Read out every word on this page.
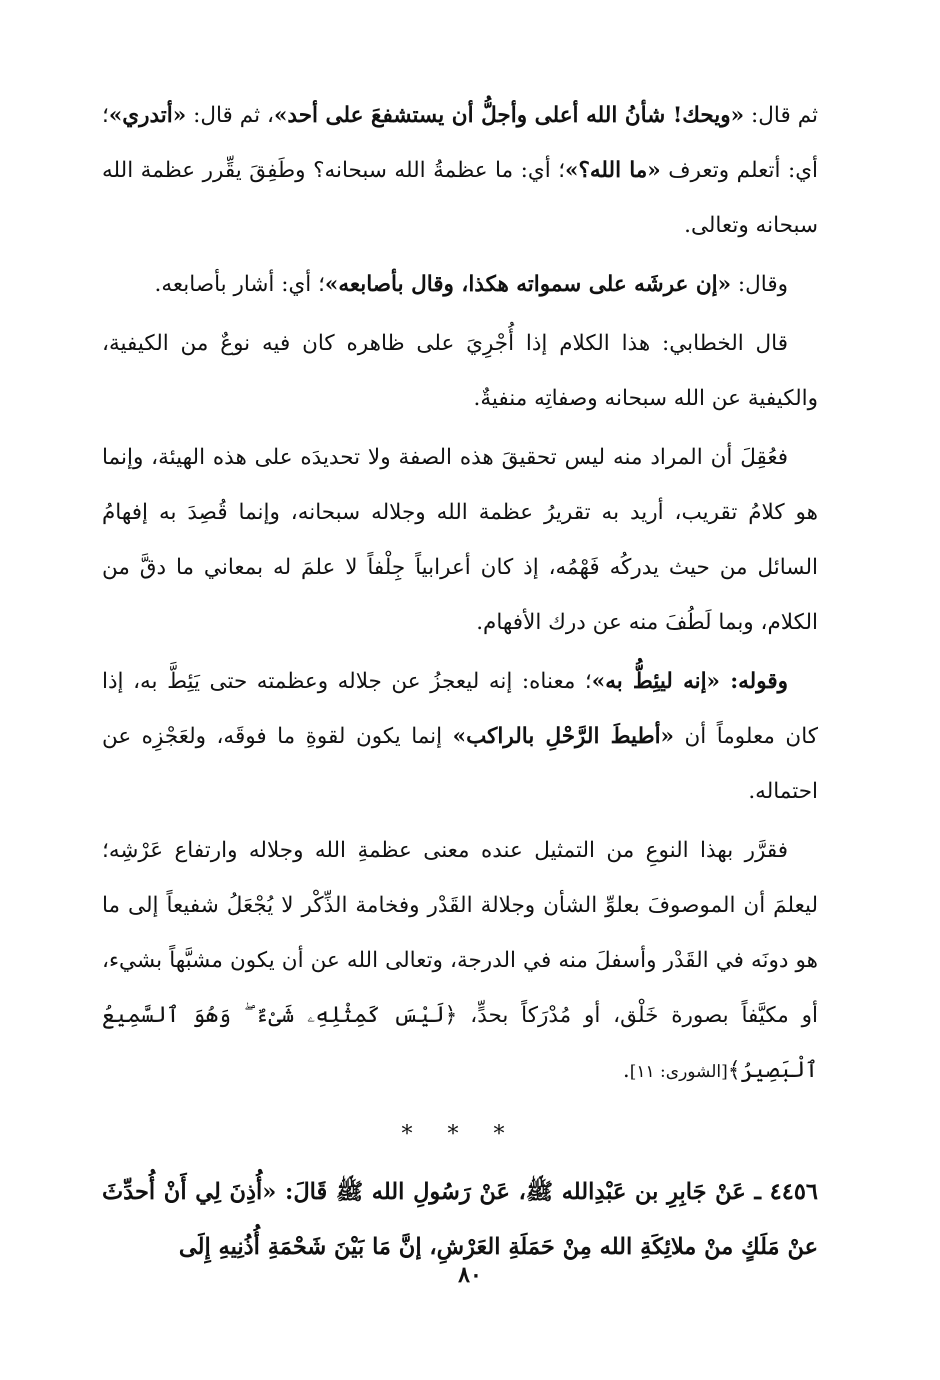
ثم قال: «ويحك! شأنُ الله أعلى وأجلُّ أن يستشفعَ على أحد»، ثم قال: «أتدري»؛ أي: أتعلم وتعرف «ما الله؟»؛ أي: ما عظمةُ الله سبحانه؟ وطَفِقَ يقِّرر عظمة الله سبحانه وتعالى.

وقال: «إن عرشَه على سمواته هكذا، وقال بأصابعه»؛ أي: أشار بأصابعه.

قال الخطابي: هذا الكلام إذا أُجْرِيَ على ظاهره كان فيه نوعٌ من الكيفية، والكيفية عن الله سبحانه وصفاتِه منفيةٌ.

فعُقِلَ أن المراد منه ليس تحقيقَ هذه الصفة ولا تحديدَه على هذه الهيئة، وإنما هو كلامُ تقريب، أريد به تقريرُ عظمة الله وجلاله سبحانه، وإنما قُصِدَ به إفهامُ السائل من حيث يدركُه فَهْمُه، إذ كان أعرابياً جِلْفاً لا علمَ له بمعاني ما دقَّ من الكلام، وبما لَطُفَ منه عن درك الأفهام.

وقوله: «إنه ليئِطُّ به»؛ معناه: إنه ليعجزُ عن جلاله وعظمته حتى يَئِطَّ به، إذا كان معلوماً أن «أطيطَ الرَّحْلِ بالراكب» إنما يكون لقوةِ ما فوقَه، ولعَجْزِه عن احتماله.

فقرَّر بهذا النوعِ من التمثيل عنده معنى عظمةِ الله وجلاله وارتفاع عَرْشِه؛ ليعلمَ أن الموصوفَ بعلوِّ الشأن وجلالة القَدْر وفخامة الذِّكْر لا يُجْعَلُ شفيعاً إلى ما هو دونَه في القَدْر وأسفلَ منه في الدرجة، وتعالى الله عن أن يكون مشبَّهاً بشيء، أو مكيَّفاً بصورة خَلْق، أو مُدْرَكاً بحدٍّ، ﴿لَيْسَ كَمِثْلِهِۦ شَىْءٌ ۖ وَهُوَ ٱلسَّمِيعُ ٱلْبَصِيرُ﴾[الشورى: ١١].

* * *

٤٤٥٦ ـ عَنْ جَابِرِ بن عَبْدِالله ﷺ، عَنْ رَسُولِ الله ﷺ قَالَ: «أُذِنَ لِي أَنْ أُحدِّثَ عنْ مَلَكٍ منْ ملائِكَةِ الله مِنْ حَمَلَةِ العَرْشِ، إنَّ مَا بَيْنَ شَحْمَةِ أُذُنِيهِ إِلَى

٨٠
